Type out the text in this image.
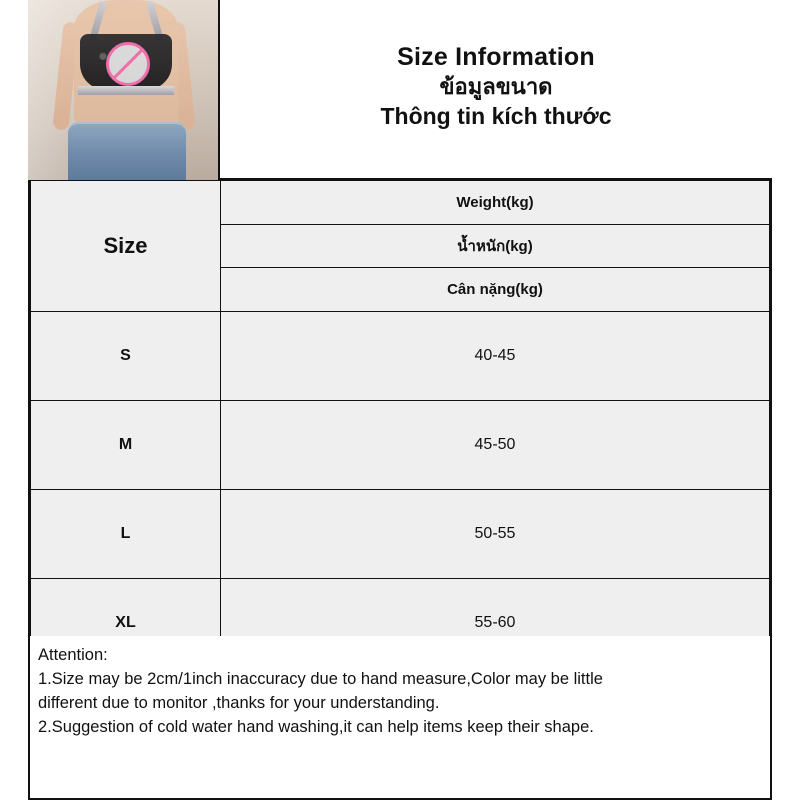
Size Information
ข้อมูลขนาด
Thông tin kích thước
Size	Weight(kg)
	น้ำหนัก(kg)
	Cân nặng(kg)
S	40-45
M	45-50
L	50-55
XL	55-60

Attention:

1.Size may be 2cm/1inch inaccuracy due to hand measure,Color may be little

different due to monitor ,thanks for your understanding.

2.Suggestion of cold water hand washing,it can help items keep their shape.
